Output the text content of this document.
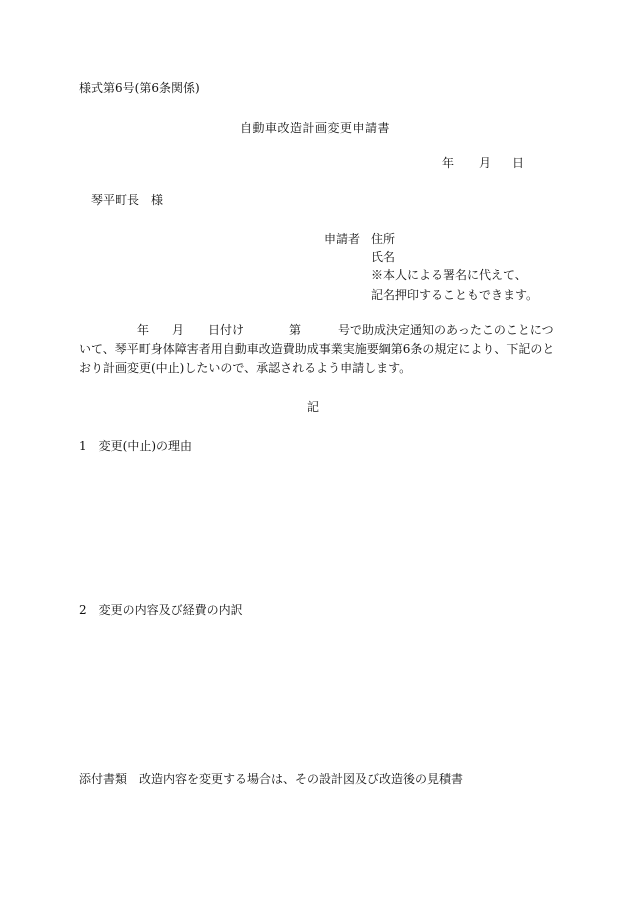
様式第6号(第6条関係)
自動車改造計画変更申請書
年 月 日
琴平町長　様
申請者 住所
氏名
※本人による署名に代えて、
記名押印することもできます。
年 月 日付け	第	号で助成決定通知のあったこのことにつ
いて、琴平町身体障害者用自動車改造費助成事業実施要綱第6条の規定により、下記のと
おり計画変更(中止)したいので、承認されるよう申請します。
記
1　変更(中止)の理由
2　変更の内容及び経費の内訳
添付書類　改造内容を変更する場合は、その設計図及び改造後の見積書
